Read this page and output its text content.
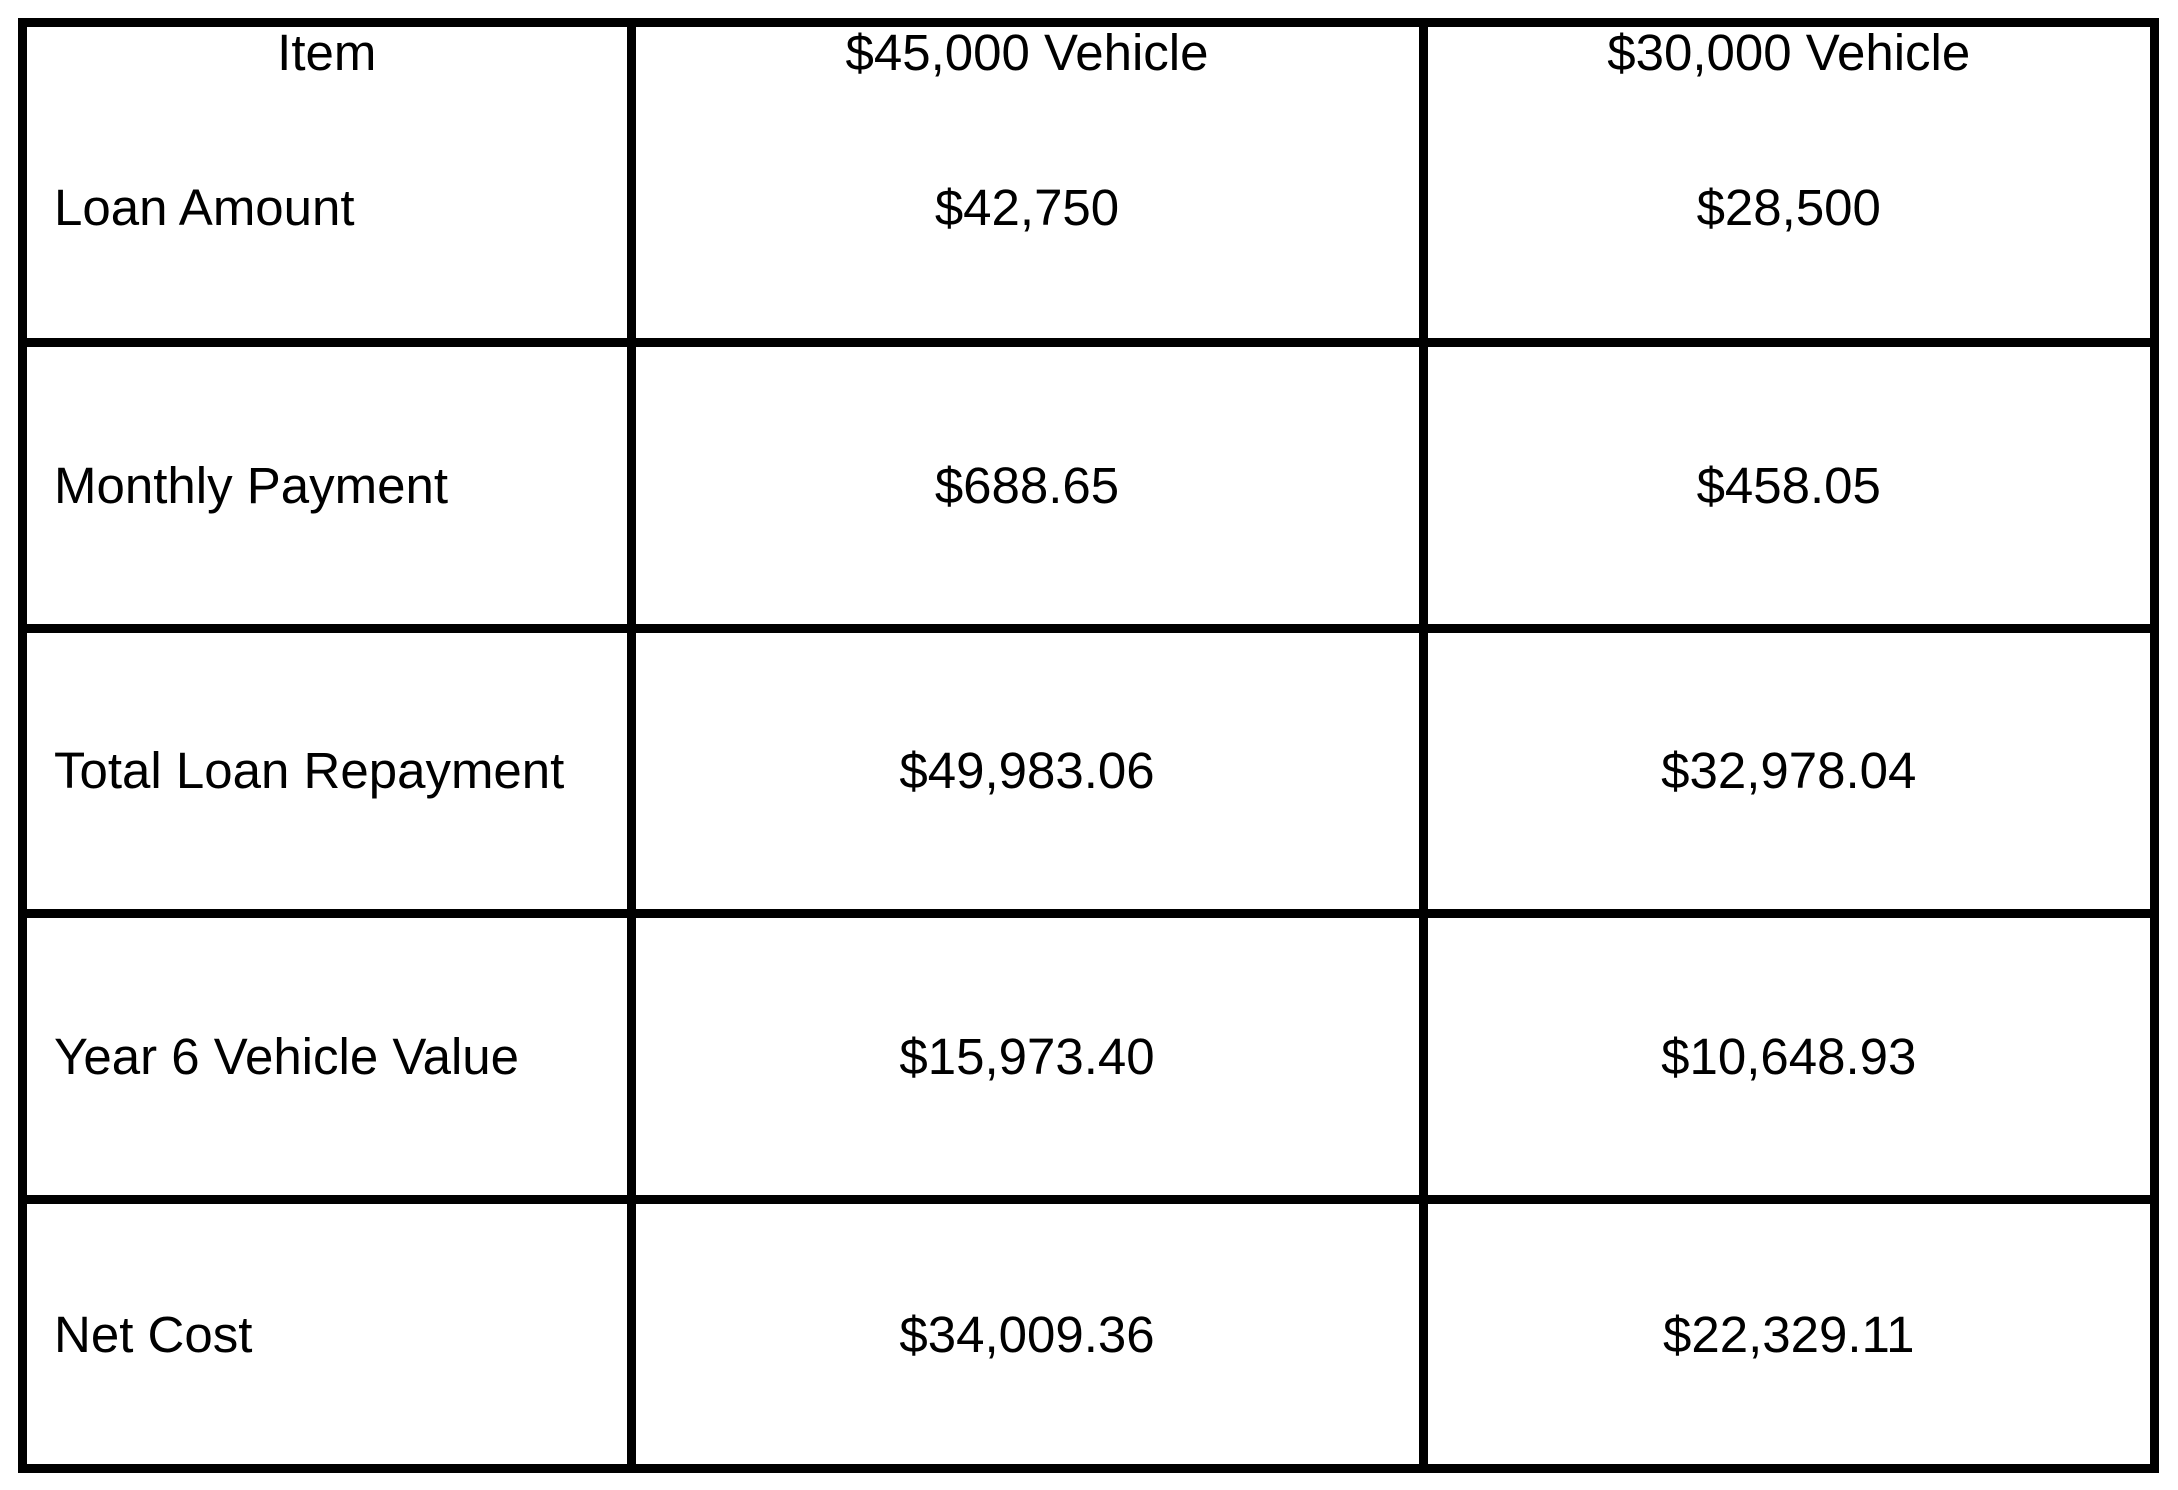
Item	$45,000 Vehicle	$30,000 Vehicle
Loan Amount	$42,750	$28,500
Monthly Payment	$688.65	$458.05
Total Loan Repayment	$49,983.06	$32,978.04
Year 6 Vehicle Value	$15,973.40	$10,648.93
Net Cost	$34,009.36	$22,329.11
